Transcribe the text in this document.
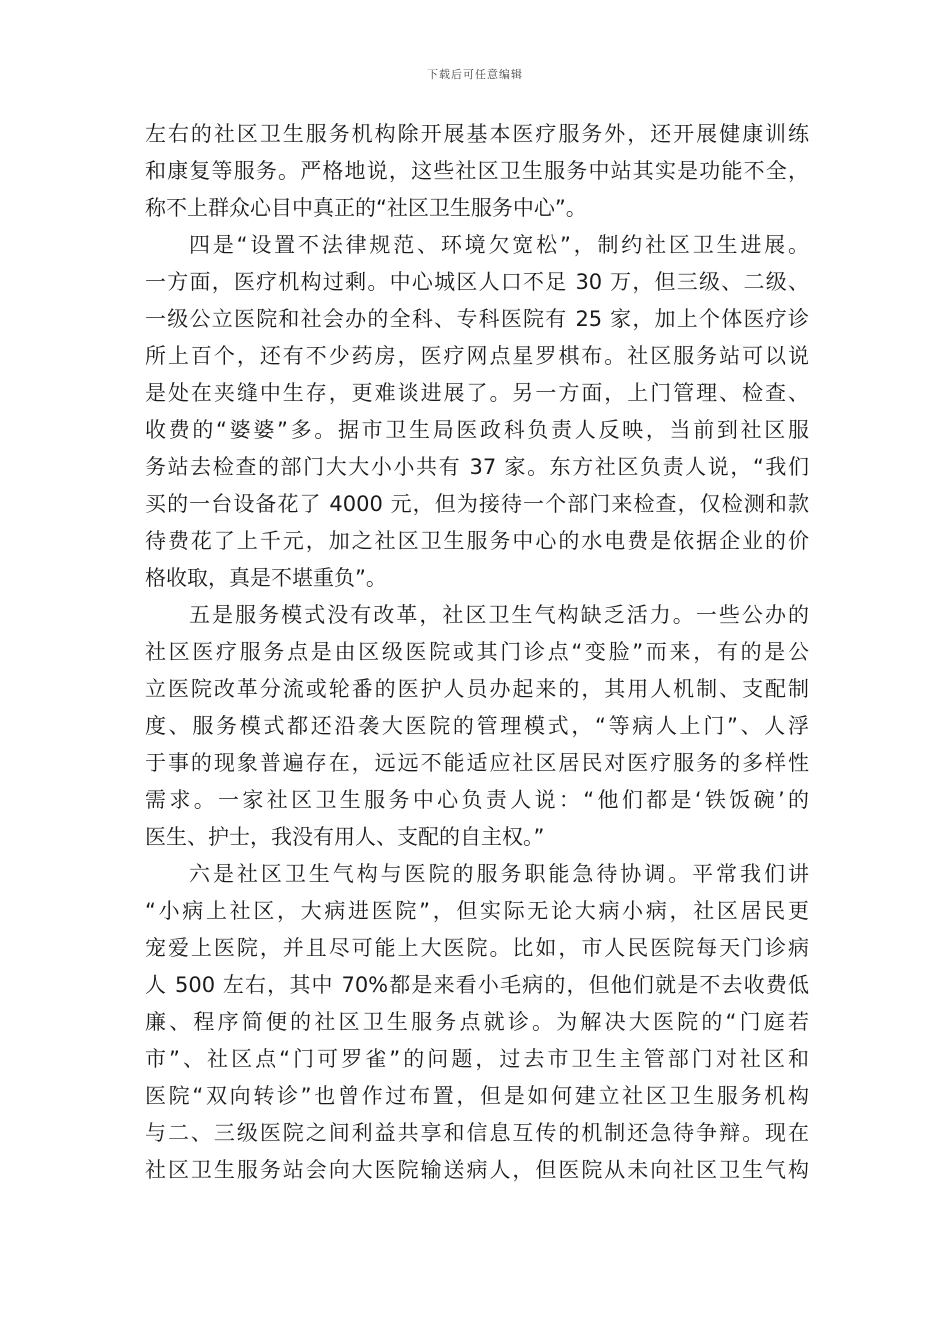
下载后可任意编辑
左右的社区卫生服务机构除开展基本医疗服务外，还开展健康训练
和康复等服务。严格地说，这些社区卫生服务中站其实是功能不全，
称不上群众心目中真正的“社区卫生服务中心”。
四是“设置不法律规范、环境欠宽松”，制约社区卫生进展。
一方面，医疗机构过剩。中心城区人口不足 30 万，但三级、二级、
一级公立医院和社会办的全科、专科医院有 25 家，加上个体医疗诊
所上百个，还有不少药房，医疗网点星罗棋布。社区服务站可以说
是处在夹缝中生存，更难谈进展了。另一方面，上门管理、检查、
收费的“婆婆”多。据市卫生局医政科负责人反映，当前到社区服
务站去检查的部门大大小小共有 37 家。东方社区负责人说，“我们
买的一台设备花了 4000 元，但为接待一个部门来检查，仅检测和款
待费花了上千元，加之社区卫生服务中心的水电费是依据企业的价
格收取，真是不堪重负”。
五是服务模式没有改革，社区卫生气构缺乏活力。一些公办的
社区医疗服务点是由区级医院或其门诊点“变脸”而来，有的是公
立医院改革分流或轮番的医护人员办起来的，其用人机制、支配制
度、服务模式都还沿袭大医院的管理模式，“等病人上门”、人浮
于事的现象普遍存在，远远不能适应社区居民对医疗服务的多样性
需求。一家社区卫生服务中心负责人说：“他们都是‘铁饭碗’的
医生、护士，我没有用人、支配的自主权。”
六是社区卫生气构与医院的服务职能急待协调。平常我们讲
“小病上社区，大病进医院”，但实际无论大病小病，社区居民更
宠爱上医院，并且尽可能上大医院。比如，市人民医院每天门诊病
人 500 左右，其中 70%都是来看小毛病的，但他们就是不去收费低
廉、程序简便的社区卫生服务点就诊。为解决大医院的“门庭若
市”、社区点“门可罗雀”的问题，过去市卫生主管部门对社区和
医院“双向转诊”也曾作过布置，但是如何建立社区卫生服务机构
与二、三级医院之间利益共享和信息互传的机制还急待争辩。现在
社区卫生服务站会向大医院输送病人，但医院从未向社区卫生气构
